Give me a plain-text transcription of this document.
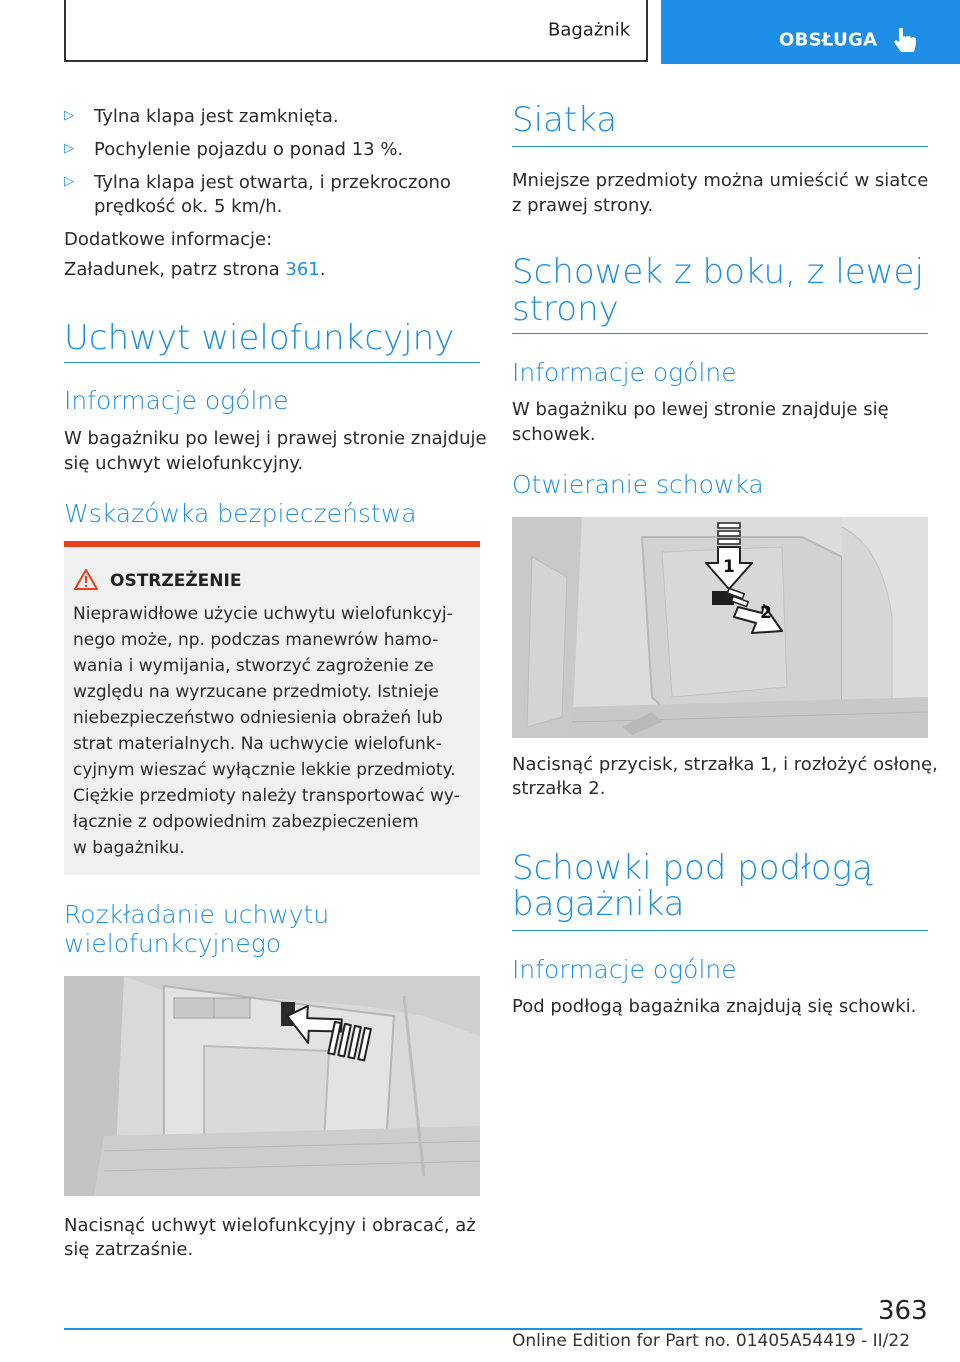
Bagażnik	OBSŁUGA
▷ Tylna klapa jest zamknięta.
▷ Pochylenie pojazdu o ponad 13 %.
▷ Tylna klapa jest otwarta, i przekroczono
prędkość ok. 5 km/h.
Dodatkowe informacje:
Załadunek, patrz strona 361.
Uchwyt wielofunkcyjny
Informacje ogólne
W bagażniku po lewej i prawej stronie znajduje
się uchwyt wielofunkcyjny.
Wskazówka bezpieczeństwa
OSTRZEŻENIE
Nieprawidłowe użycie uchwytu wielofunkcyj-
nego może, np. podczas manewrów hamo-
wania i wymijania, stworzyć zagrożenie ze
względu na wyrzucane przedmioty. Istnieje
niebezpieczeństwo odniesienia obrażeń lub
strat materialnych. Na uchwycie wielofunk-
cyjnym wieszać wyłącznie lekkie przedmioty.
Ciężkie przedmioty należy transportować wy-
łącznie z odpowiednim zabezpieczeniem
w bagażniku.
Rozkładanie uchwytu
wielofunkcyjnego
Nacisnąć uchwyt wielofunkcyjny i obracać, aż
się zatrzaśnie.
Siatka
Mniejsze przedmioty można umieścić w siatce
z prawej strony.
Schowek z boku, z lewej
strony
Informacje ogólne
W bagażniku po lewej stronie znajduje się
schowek.
Otwieranie schowka
1
2
Nacisnąć przycisk, strzałka 1, i rozłożyć osłonę,
strzałka 2.
Schowki pod podłogą
bagażnika
Informacje ogólne
Pod podłogą bagażnika znajdują się schowki.
363
Online Edition for Part no. 01405A54419 - II/22
